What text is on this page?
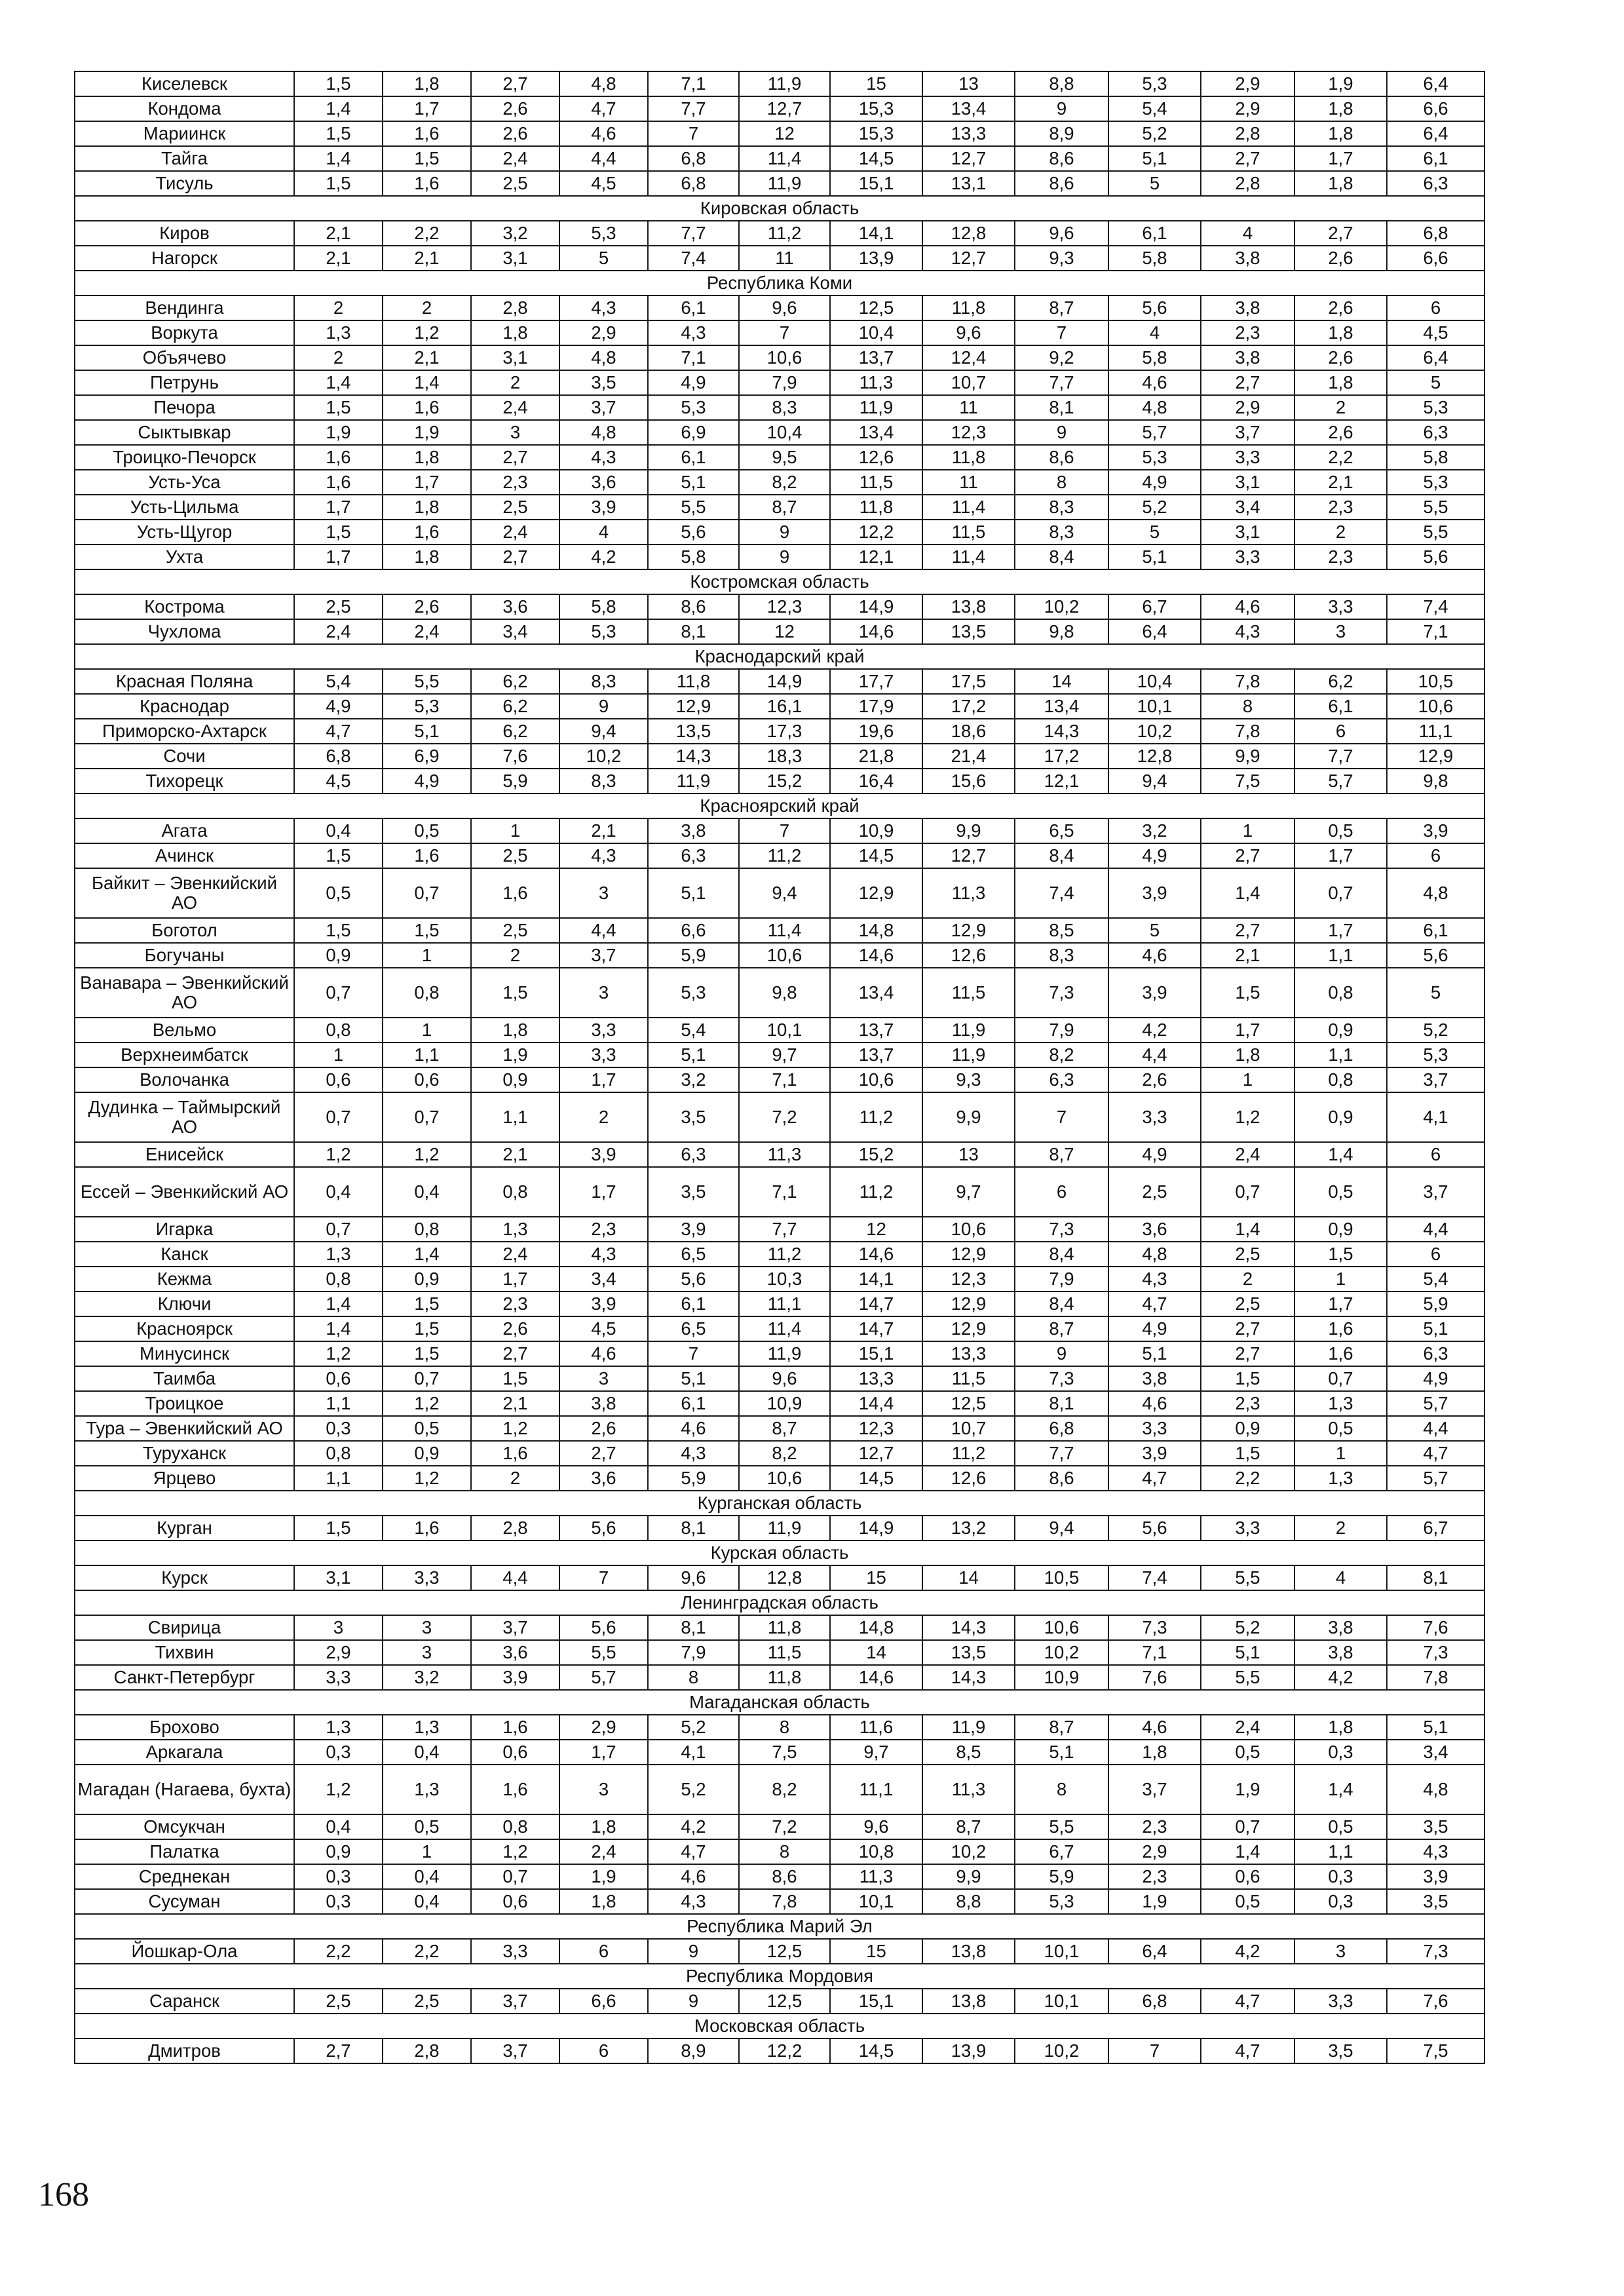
Киселевск	1,5	1,8	2,7	4,8	7,1	11,9	15	13	8,8	5,3	2,9	1,9	6,4
Кондома	1,4	1,7	2,6	4,7	7,7	12,7	15,3	13,4	9	5,4	2,9	1,8	6,6
Мариинск	1,5	1,6	2,6	4,6	7	12	15,3	13,3	8,9	5,2	2,8	1,8	6,4
Тайга	1,4	1,5	2,4	4,4	6,8	11,4	14,5	12,7	8,6	5,1	2,7	1,7	6,1
Тисуль	1,5	1,6	2,5	4,5	6,8	11,9	15,1	13,1	8,6	5	2,8	1,8	6,3
Кировская область													
Киров	2,1	2,2	3,2	5,3	7,7	11,2	14,1	12,8	9,6	6,1	4	2,7	6,8
Нагорск	2,1	2,1	3,1	5	7,4	11	13,9	12,7	9,3	5,8	3,8	2,6	6,6
Республика Коми													
Вендинга	2	2	2,8	4,3	6,1	9,6	12,5	11,8	8,7	5,6	3,8	2,6	6
Воркута	1,3	1,2	1,8	2,9	4,3	7	10,4	9,6	7	4	2,3	1,8	4,5
Объячево	2	2,1	3,1	4,8	7,1	10,6	13,7	12,4	9,2	5,8	3,8	2,6	6,4
Петрунь	1,4	1,4	2	3,5	4,9	7,9	11,3	10,7	7,7	4,6	2,7	1,8	5
Печора	1,5	1,6	2,4	3,7	5,3	8,3	11,9	11	8,1	4,8	2,9	2	5,3
Сыктывкар	1,9	1,9	3	4,8	6,9	10,4	13,4	12,3	9	5,7	3,7	2,6	6,3
Троицко-Печорск	1,6	1,8	2,7	4,3	6,1	9,5	12,6	11,8	8,6	5,3	3,3	2,2	5,8
Усть-Уса	1,6	1,7	2,3	3,6	5,1	8,2	11,5	11	8	4,9	3,1	2,1	5,3
Усть-Цильма	1,7	1,8	2,5	3,9	5,5	8,7	11,8	11,4	8,3	5,2	3,4	2,3	5,5
Усть-Щугор	1,5	1,6	2,4	4	5,6	9	12,2	11,5	8,3	5	3,1	2	5,5
Ухта	1,7	1,8	2,7	4,2	5,8	9	12,1	11,4	8,4	5,1	3,3	2,3	5,6
Костромская область													
Кострома	2,5	2,6	3,6	5,8	8,6	12,3	14,9	13,8	10,2	6,7	4,6	3,3	7,4
Чухлома	2,4	2,4	3,4	5,3	8,1	12	14,6	13,5	9,8	6,4	4,3	3	7,1
Краснодарский край													
Красная Поляна	5,4	5,5	6,2	8,3	11,8	14,9	17,7	17,5	14	10,4	7,8	6,2	10,5
Краснодар	4,9	5,3	6,2	9	12,9	16,1	17,9	17,2	13,4	10,1	8	6,1	10,6
Приморско-Ахтарск	4,7	5,1	6,2	9,4	13,5	17,3	19,6	18,6	14,3	10,2	7,8	6	11,1
Сочи	6,8	6,9	7,6	10,2	14,3	18,3	21,8	21,4	17,2	12,8	9,9	7,7	12,9
Тихорецк	4,5	4,9	5,9	8,3	11,9	15,2	16,4	15,6	12,1	9,4	7,5	5,7	9,8
Красноярский край													
Агата	0,4	0,5	1	2,1	3,8	7	10,9	9,9	6,5	3,2	1	0,5	3,9
Ачинск	1,5	1,6	2,5	4,3	6,3	11,2	14,5	12,7	8,4	4,9	2,7	1,7	6
Байкит – Эвенкийский АО	0,5	0,7	1,6	3	5,1	9,4	12,9	11,3	7,4	3,9	1,4	0,7	4,8
Боготол	1,5	1,5	2,5	4,4	6,6	11,4	14,8	12,9	8,5	5	2,7	1,7	6,1
Богучаны	0,9	1	2	3,7	5,9	10,6	14,6	12,6	8,3	4,6	2,1	1,1	5,6
Ванавара – Эвенкийский АО	0,7	0,8	1,5	3	5,3	9,8	13,4	11,5	7,3	3,9	1,5	0,8	5
Вельмо	0,8	1	1,8	3,3	5,4	10,1	13,7	11,9	7,9	4,2	1,7	0,9	5,2
Верхнеимбатск	1	1,1	1,9	3,3	5,1	9,7	13,7	11,9	8,2	4,4	1,8	1,1	5,3
Волочанка	0,6	0,6	0,9	1,7	3,2	7,1	10,6	9,3	6,3	2,6	1	0,8	3,7
Дудинка – Таймырский АО	0,7	0,7	1,1	2	3,5	7,2	11,2	9,9	7	3,3	1,2	0,9	4,1
Енисейск	1,2	1,2	2,1	3,9	6,3	11,3	15,2	13	8,7	4,9	2,4	1,4	6
Ессей – Эвенкийский АО	0,4	0,4	0,8	1,7	3,5	7,1	11,2	9,7	6	2,5	0,7	0,5	3,7
Игарка	0,7	0,8	1,3	2,3	3,9	7,7	12	10,6	7,3	3,6	1,4	0,9	4,4
Канск	1,3	1,4	2,4	4,3	6,5	11,2	14,6	12,9	8,4	4,8	2,5	1,5	6
Кежма	0,8	0,9	1,7	3,4	5,6	10,3	14,1	12,3	7,9	4,3	2	1	5,4
Ключи	1,4	1,5	2,3	3,9	6,1	11,1	14,7	12,9	8,4	4,7	2,5	1,7	5,9
Красноярск	1,4	1,5	2,6	4,5	6,5	11,4	14,7	12,9	8,7	4,9	2,7	1,6	5,1
Минусинск	1,2	1,5	2,7	4,6	7	11,9	15,1	13,3	9	5,1	2,7	1,6	6,3
Таимба	0,6	0,7	1,5	3	5,1	9,6	13,3	11,5	7,3	3,8	1,5	0,7	4,9
Троицкое	1,1	1,2	2,1	3,8	6,1	10,9	14,4	12,5	8,1	4,6	2,3	1,3	5,7
Тура – Эвенкийский АО	0,3	0,5	1,2	2,6	4,6	8,7	12,3	10,7	6,8	3,3	0,9	0,5	4,4
Туруханск	0,8	0,9	1,6	2,7	4,3	8,2	12,7	11,2	7,7	3,9	1,5	1	4,7
Ярцево	1,1	1,2	2	3,6	5,9	10,6	14,5	12,6	8,6	4,7	2,2	1,3	5,7
Курганская область													
Курган	1,5	1,6	2,8	5,6	8,1	11,9	14,9	13,2	9,4	5,6	3,3	2	6,7
Курская область													
Курск	3,1	3,3	4,4	7	9,6	12,8	15	14	10,5	7,4	5,5	4	8,1
Ленинградская область													
Свирица	3	3	3,7	5,6	8,1	11,8	14,8	14,3	10,6	7,3	5,2	3,8	7,6
Тихвин	2,9	3	3,6	5,5	7,9	11,5	14	13,5	10,2	7,1	5,1	3,8	7,3
Санкт-Петербург	3,3	3,2	3,9	5,7	8	11,8	14,6	14,3	10,9	7,6	5,5	4,2	7,8
Магаданская область													
Брохово	1,3	1,3	1,6	2,9	5,2	8	11,6	11,9	8,7	4,6	2,4	1,8	5,1
Аркагала	0,3	0,4	0,6	1,7	4,1	7,5	9,7	8,5	5,1	1,8	0,5	0,3	3,4
Магадан (Нагаева, бухта)	1,2	1,3	1,6	3	5,2	8,2	11,1	11,3	8	3,7	1,9	1,4	4,8
Омсукчан	0,4	0,5	0,8	1,8	4,2	7,2	9,6	8,7	5,5	2,3	0,7	0,5	3,5
Палатка	0,9	1	1,2	2,4	4,7	8	10,8	10,2	6,7	2,9	1,4	1,1	4,3
Среднекан	0,3	0,4	0,7	1,9	4,6	8,6	11,3	9,9	5,9	2,3	0,6	0,3	3,9
Сусуман	0,3	0,4	0,6	1,8	4,3	7,8	10,1	8,8	5,3	1,9	0,5	0,3	3,5
Республика Марий Эл													
Йошкар-Ола	2,2	2,2	3,3	6	9	12,5	15	13,8	10,1	6,4	4,2	3	7,3
Республика Мордовия													
Саранск	2,5	2,5	3,7	6,6	9	12,5	15,1	13,8	10,1	6,8	4,7	3,3	7,6
Московская область													
Дмитров	2,7	2,8	3,7	6	8,9	12,2	14,5	13,9	10,2	7	4,7	3,5	7,5
168
